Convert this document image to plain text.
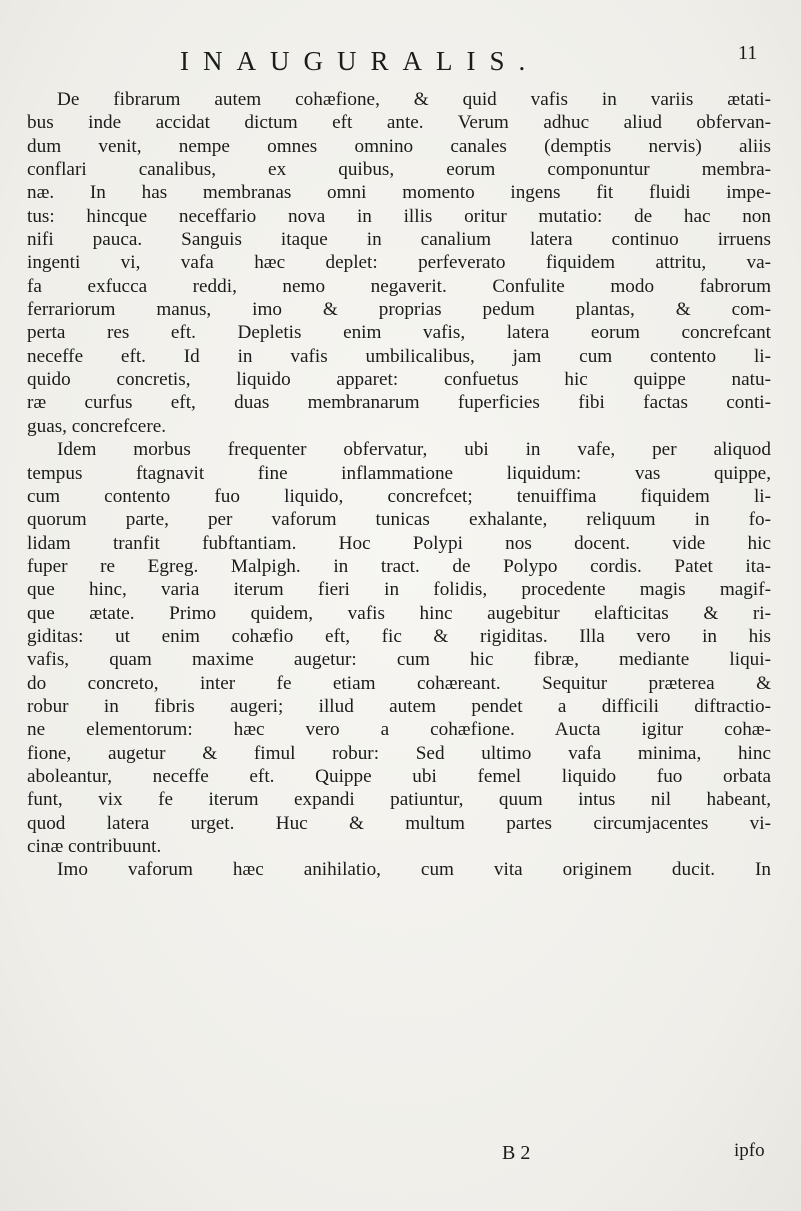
INAUGURALIS.	11
De fibrarum autem cohæfione, & quid vafis in variis ætati-
bus inde accidat dictum eft ante. Verum adhuc aliud obfervan-
dum venit, nempe omnes omnino canales (demptis nervis) aliis
conflari canalibus, ex quibus, eorum componuntur membra-
næ. In has membranas omni momento ingens fit fluidi impe-
tus: hincque neceffario nova in illis oritur mutatio: de hac non
nifi pauca. Sanguis itaque in canalium latera continuo irruens
ingenti vi, vafa hæc deplet: perfeverato fiquidem attritu, va-
fa exfucca reddi, nemo negaverit. Confulite modo fabrorum
ferrariorum manus, imo & proprias pedum plantas, & com-
perta res eft. Depletis enim vafis, latera eorum concrefcant
neceffe eft. Id in vafis umbilicalibus, jam cum contento li-
quido concretis, liquido apparet: confuetus hic quippe natu-
ræ curfus eft, duas membranarum fuperficies fibi factas conti-
guas, concrefcere.
Idem morbus frequenter obfervatur, ubi in vafe, per aliquod
tempus ftagnavit fine inflammatione liquidum: vas quippe,
cum contento fuo liquido, concrefcet; tenuiffima fiquidem li-
quorum parte, per vaforum tunicas exhalante, reliquum in fo-
lidam tranfit fubftantiam. Hoc Polypi nos docent. vide hic
fuper re Egreg. Malpigh. in tract. de Polypo cordis. Patet ita-
que hinc, varia iterum fieri in folidis, procedente magis magif-
que ætate. Primo quidem, vafis hinc augebitur elafticitas & ri-
giditas: ut enim cohæfio eft, fic & rigiditas. Illa vero in his
vafis, quam maxime augetur: cum hic fibræ, mediante liqui-
do concreto, inter fe etiam cohæreant. Sequitur præterea &
robur in fibris augeri; illud autem pendet a difficili diftractio-
ne elementorum: hæc vero a cohæfione. Aucta igitur cohæ-
fione, augetur & fimul robur: Sed ultimo vafa minima, hinc
aboleantur, neceffe eft. Quippe ubi femel liquido fuo orbata
funt, vix fe iterum expandi patiuntur, quum intus nil habeant,
quod latera urget. Huc & multum partes circumjacentes vi-
cinæ contribuunt.
Imo vaforum hæc anihilatio, cum vita originem ducit. In
B 2	ipfo
